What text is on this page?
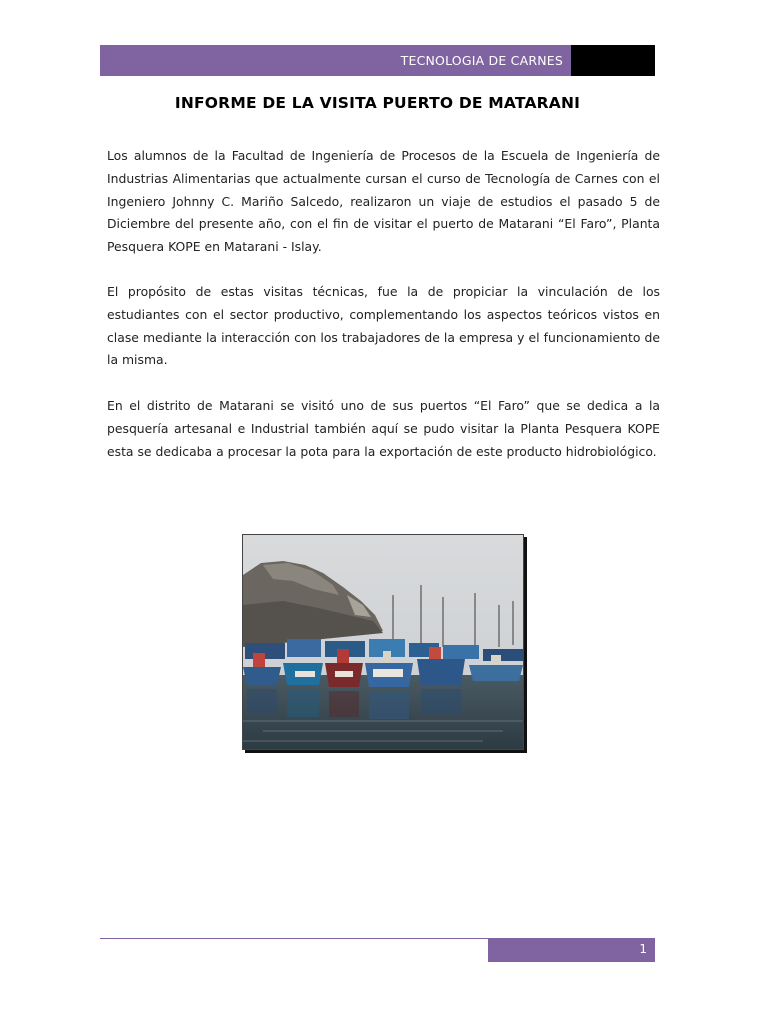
TECNOLOGIA DE CARNES
INFORME DE LA VISITA PUERTO DE MATARANI

Los alumnos de la Facultad de Ingeniería de Procesos de la Escuela de Ingeniería de Industrias Alimentarias que actualmente cursan el curso de Tecnología de Carnes con el Ingeniero Johnny C. Mariño Salcedo, realizaron un viaje de estudios el pasado 5 de Diciembre del presente año, con el fin de visitar el puerto de Matarani “El Faro”, Planta Pesquera KOPE en Matarani - Islay.

El propósito de estas visitas técnicas, fue la de propiciar la vinculación de los estudiantes con el sector productivo, complementando los aspectos teóricos vistos en clase mediante la interacción con los trabajadores de la empresa y el funcionamiento de la misma.

En el distrito de Matarani se visitó uno de sus puertos “El Faro” que se dedica a la pesquería artesanal e Industrial también aquí se pudo visitar la Planta Pesquera KOPE esta se dedicaba a procesar la pota para la exportación de este producto hidrobiológico.

1
